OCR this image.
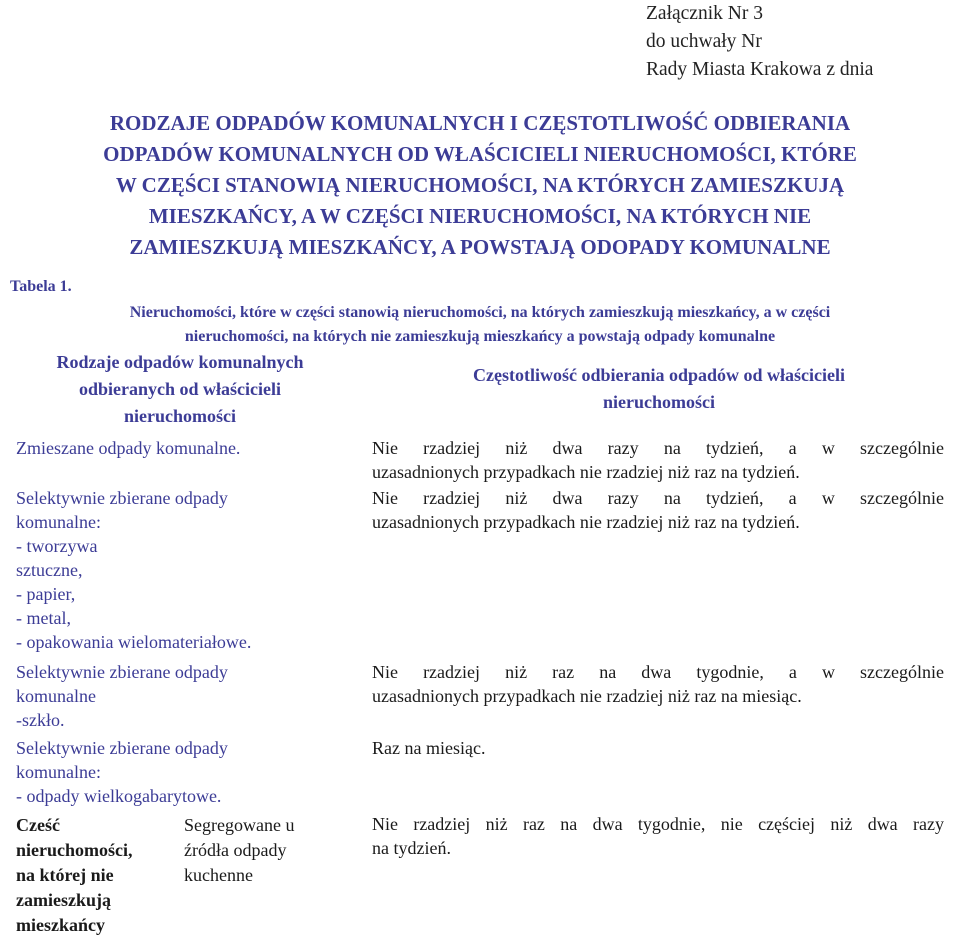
Załącznik Nr 3
do uchwały Nr
Rady Miasta Krakowa z dnia
RODZAJE ODPADÓW KOMUNALNYCH I CZĘSTOTLIWOŚĆ ODBIERANIA
ODPADÓW KOMUNALNYCH OD WŁAŚCICIELI NIERUCHOMOŚCI, KTÓRE
W CZĘŚCI STANOWIĄ NIERUCHOMOŚCI, NA KTÓRYCH ZAMIESZKUJĄ
MIESZKAŃCY, A W CZĘŚCI NIERUCHOMOŚCI, NA KTÓRYCH NIE
ZAMIESZKUJĄ MIESZKAŃCY, A POWSTAJĄ ODOPADY KOMUNALNE
Tabela 1.
Nieruchomości, które w części stanowią nieruchomości, na których zamieszkują mieszkańcy, a w części
nieruchomości, na których nie zamieszkują mieszkańcy a powstają odpady komunalne
Rodzaje odpadów komunalnych
odbieranych od właścicieli
nieruchomości
Częstotliwość odbierania odpadów od właścicieli
nieruchomości
Zmieszane odpady komunalne.	Nie rzadziej niż dwa razy na tydzień, a w szczególnie
uzasadnionych przypadkach nie rzadziej niż raz na tydzień.
Selektywnie zbierane odpady
komunalne:
- tworzywa
sztuczne,
- papier,
- metal,
- opakowania wielomateriałowe.
Nie rzadziej niż dwa razy na tydzień, a w szczególnie
uzasadnionych przypadkach nie rzadziej niż raz na tydzień.
Selektywnie zbierane odpady
komunalne
-szkło.
Nie rzadziej niż raz na dwa tygodnie, a w szczególnie
uzasadnionych przypadkach nie rzadziej niż raz na miesiąc.
Selektywnie zbierane odpady
komunalne:
- odpady wielkogabarytowe.
Raz na miesiąc.
Cześć
nieruchomości,
na której nie
zamieszkują
mieszkańcy
Segregowane u
źródła odpady
kuchenne
Nie rzadziej niż raz na dwa tygodnie, nie częściej niż dwa razy
na tydzień.
